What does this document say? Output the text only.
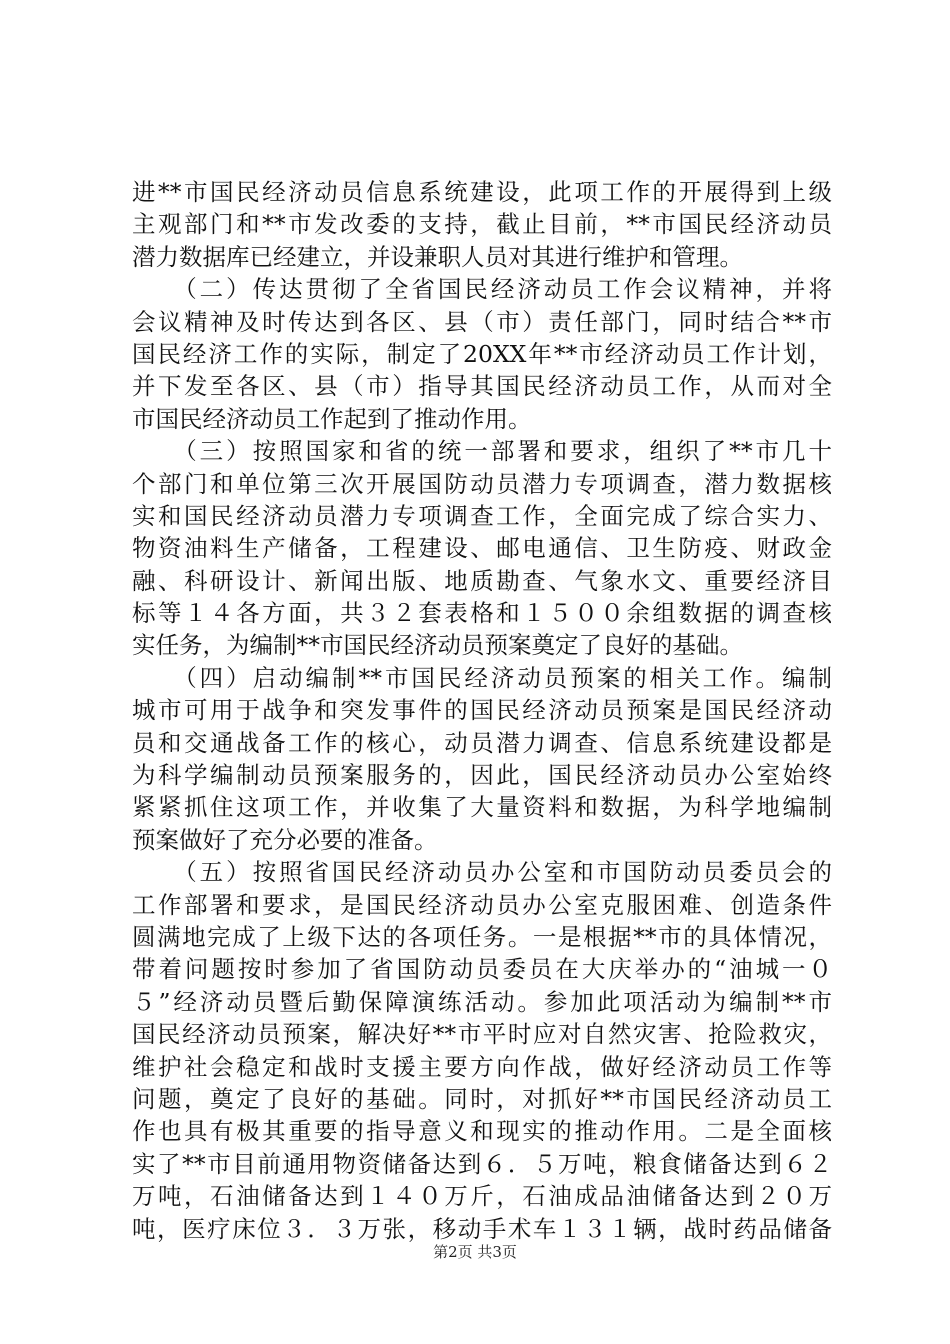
进**市国民经济动员信息系统建设，此项工作的开展得到上级
主观部门和**市发改委的支持，截止目前，**市国民经济动员
潜力数据库已经建立，并设兼职人员对其进行维护和管理。
　　（二）传达贯彻了全省国民经济动员工作会议精神，并将
会议精神及时传达到各区、县（市）责任部门，同时结合**市
国民经济工作的实际，制定了20XX年**市经济动员工作计划，
并下发至各区、县（市）指导其国民经济动员工作，从而对全
市国民经济动员工作起到了推动作用。
　　（三）按照国家和省的统一部署和要求，组织了**市几十
个部门和单位第三次开展国防动员潜力专项调查，潜力数据核
实和国民经济动员潜力专项调查工作，全面完成了综合实力、
物资油料生产储备，工程建设、邮电通信、卫生防疫、财政金
融、科研设计、新闻出版、地质勘查、气象水文、重要经济目
标等１４各方面，共３２套表格和１５００余组数据的调查核
实任务，为编制**市国民经济动员预案奠定了良好的基础。
　　（四）启动编制**市国民经济动员预案的相关工作。编制
城市可用于战争和突发事件的国民经济动员预案是国民经济动
员和交通战备工作的核心，动员潜力调查、信息系统建设都是
为科学编制动员预案服务的，因此，国民经济动员办公室始终
紧紧抓住这项工作，并收集了大量资料和数据，为科学地编制
预案做好了充分必要的准备。
　　（五）按照省国民经济动员办公室和市国防动员委员会的
工作部署和要求，是国民经济动员办公室克服困难、创造条件
圆满地完成了上级下达的各项任务。一是根据**市的具体情况，
带着问题按时参加了省国防动员委员在大庆举办的“油城一０
５”经济动员暨后勤保障演练活动。参加此项活动为编制**市
国民经济动员预案，解决好**市平时应对自然灾害、抢险救灾，
维护社会稳定和战时支援主要方向作战，做好经济动员工作等
问题，奠定了良好的基础。同时，对抓好**市国民经济动员工
作也具有极其重要的指导意义和现实的推动作用。二是全面核
实了**市目前通用物资储备达到６．５万吨，粮食储备达到６２
万吨，石油储备达到１４０万斤，石油成品油储备达到２０万
吨，医疗床位３．３万张，移动手术车１３１辆，战时药品储备
第2页 共3页
